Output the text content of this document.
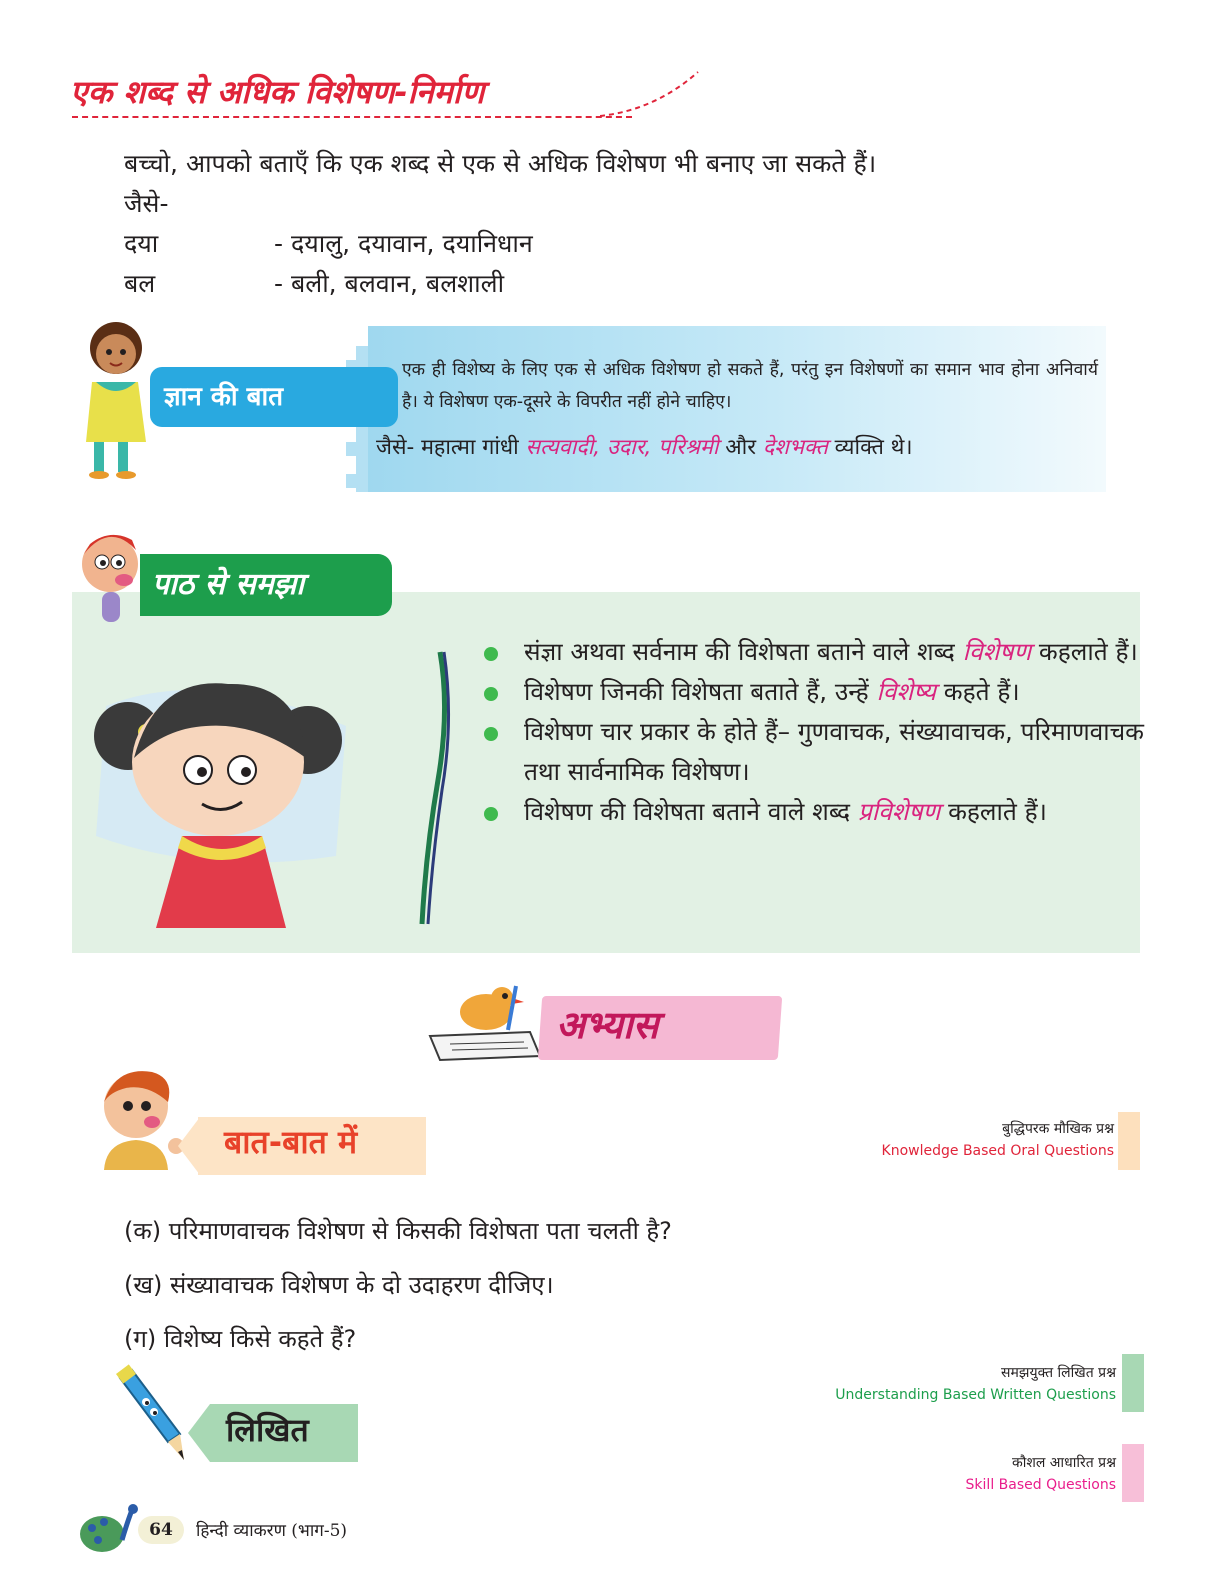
एक शब्द से अधिक विशेषण-निर्माण
बच्चो, आपको बताएँ कि एक शब्द से एक से अधिक विशेषण भी बनाए जा सकते हैं।
जैसे-
दया	- दयालु, दयावान, दयानिधान
बल	- बली, बलवान, बलशाली
एक ही विशेष्य के लिए एक से अधिक विशेषण हो सकते हैं, परंतु इन विशेषणों का समान भाव होना अनिवार्य है। ये विशेषण एक-दूसरे के विपरीत नहीं होने चाहिए।
जैसे- महात्मा गांधी सत्यवादी, उदार, परिश्रमी और देशभक्त व्यक्ति थे।
ज्ञान की बात
पाठ से समझा
संज्ञा अथवा सर्वनाम की विशेषता बताने वाले शब्द विशेषण कहलाते हैं।
विशेषण जिनकी विशेषता बताते हैं, उन्हें विशेष्य कहते हैं।
विशेषण चार प्रकार के होते हैं– गुणवाचक, संख्यावाचक, परिमाणवाचक तथा सार्वनामिक विशेषण।
विशेषण की विशेषता बताने वाले शब्द प्रविशेषण कहलाते हैं।
अभ्यास
बात-बात में	बुद्धिपरक मौखिक प्रश्न
Knowledge Based Oral Questions
(क) परिमाणवाचक विशेषण से किसकी विशेषता पता चलती है?
(ख) संख्यावाचक विशेषण के दो उदाहरण दीजिए।
(ग) विशेष्य किसे कहते हैं?
समझयुक्त लिखित प्रश्न
Understanding Based Written Questions
लिखित
कौशल आधारित प्रश्न
Skill Based Questions
64	हिन्दी व्याकरण (भाग-5)
